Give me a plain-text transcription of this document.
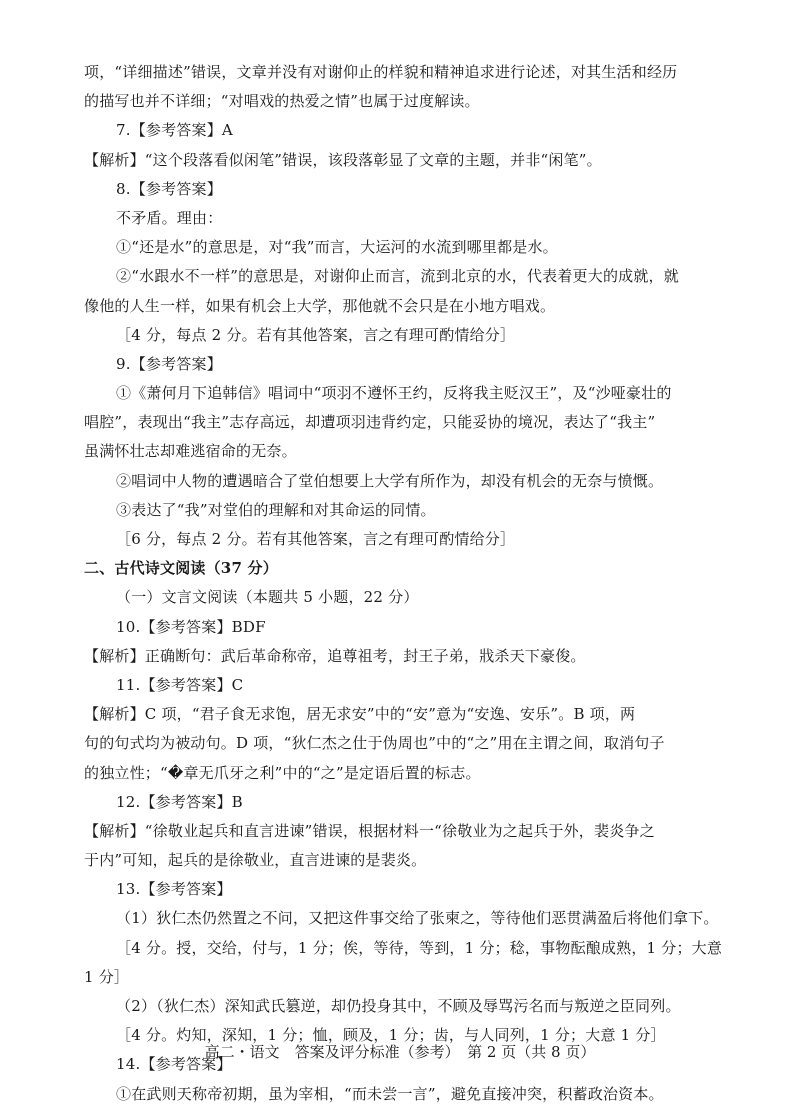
项，“详细描述”错误，文章并没有对谢仰止的样貌和精神追求进行论述，对其生活和经历
的描写也并不详细；“对唱戏的热爱之情”也属于过度解读。
7.【参考答案】A
【解析】“这个段落看似闲笔”错误，该段落彰显了文章的主题，并非“闲笔”。
8.【参考答案】
不矛盾。理由：
①“还是水”的意思是，对“我”而言，大运河的水流到哪里都是水。
②“水跟水不一样”的意思是，对谢仰止而言，流到北京的水，代表着更大的成就，就
像他的人生一样，如果有机会上大学，那他就不会只是在小地方唱戏。
［4 分，每点 2 分。若有其他答案，言之有理可酌情给分］
9.【参考答案】
①《萧何月下追韩信》唱词中“项羽不遵怀王约，反将我主贬汉王”，及“沙哑豪壮的
唱腔”，表现出“我主”志存高远，却遭项羽违背约定，只能妥协的境况，表达了“我主”
虽满怀壮志却难逃宿命的无奈。
②唱词中人物的遭遇暗合了堂伯想要上大学有所作为，却没有机会的无奈与愤慨。
③表达了“我”对堂伯的理解和对其命运的同情。
［6 分，每点 2 分。若有其他答案，言之有理可酌情给分］
二、古代诗文阅读（37 分）
（一）文言文阅读（本题共 5 小题，22 分）
10.【参考答案】BDF
【解析】正确断句：武后革命称帝，追尊祖考，封王子弟，戕杀天下豪俊。
11.【参考答案】C
【解析】C 项，“君子食无求饱，居无求安”中的“安”意为“安逸、安乐”。B 项，两
句的句式均为被动句。D 项，“狄仁杰之仕于伪周也”中的“之”用在主谓之间，取消句子
的独立性；“�章无爪牙之利”中的“之”是定语后置的标志。
12.【参考答案】B
【解析】“徐敬业起兵和直言进谏”错误，根据材料一“徐敬业为之起兵于外，裴炎争之
于内”可知，起兵的是徐敬业，直言进谏的是裴炎。
13.【参考答案】
（1）狄仁杰仍然置之不问，又把这件事交给了张柬之，等待他们恶贯满盈后将他们拿下。
［4 分。授，交给，付与，1 分；俟，等待，等到，1 分；稔，事物酝酿成熟，1 分；大意
1 分］
（2）（狄仁杰）深知武氏篡逆，却仍投身其中，不顾及辱骂污名而与叛逆之臣同列。
［4 分。灼知，深知，1 分；恤，顾及，1 分；齿，与人同列，1 分；大意 1 分］
14.【参考答案】
①在武则天称帝初期，虽为宰相，“而未尝一言”，避免直接冲突，积蓄政治资本。
高二・语文　答案及评分标准（参考）　第 2 页（共 8 页）
